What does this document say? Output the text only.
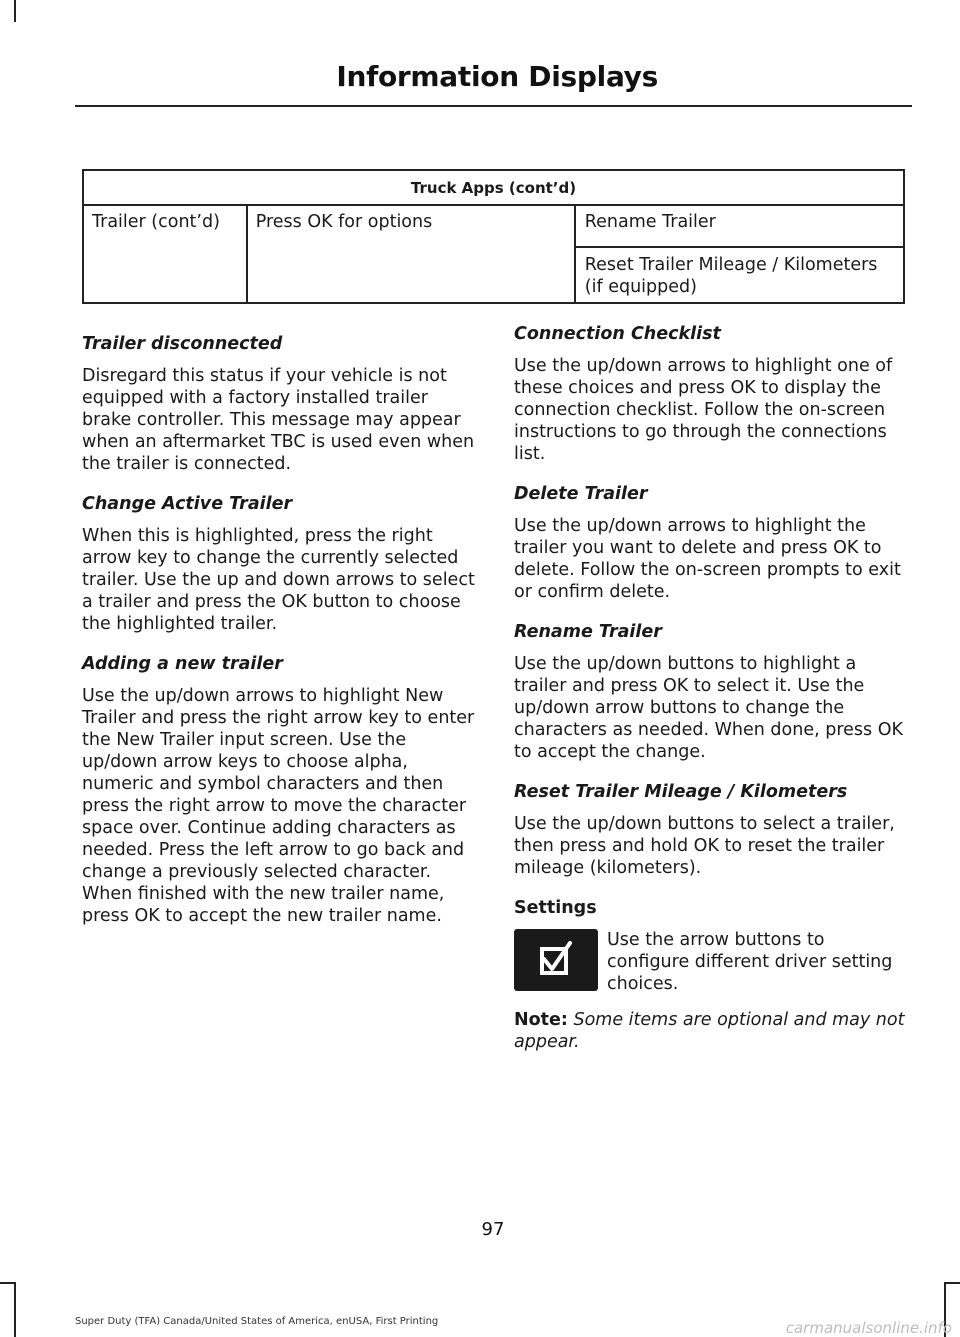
Information Displays
Truck Apps (cont’d)		
Trailer (cont’d)	Press OK for options	Rename Trailer
		Reset Trailer Mileage / Kilometers (if equipped)
Trailer disconnected

Disregard this status if your vehicle is not equipped with a factory installed trailer brake controller. This message may appear when an aftermarket TBC is used even when the trailer is connected.

Change Active Trailer

When this is highlighted, press the right arrow key to change the currently selected trailer. Use the up and down arrows to select a trailer and press the OK button to choose the highlighted trailer.

Adding a new trailer

Use the up/down arrows to highlight New Trailer and press the right arrow key to enter the New Trailer input screen. Use the up/down arrow keys to choose alpha, numeric and symbol characters and then press the right arrow to move the character space over. Continue adding characters as needed. Press the left arrow to go back and change a previously selected character. When finished with the new trailer name, press OK to accept the new trailer name.

Connection Checklist

Use the up/down arrows to highlight one of these choices and press OK to display the connection checklist. Follow the on-screen instructions to go through the connections list.

Delete Trailer

Use the up/down arrows to highlight the trailer you want to delete and press OK to delete. Follow the on-screen prompts to exit or confirm delete.

Rename Trailer

Use the up/down buttons to highlight a trailer and press OK to select it. Use the up/down arrow buttons to change the characters as needed. When done, press OK to accept the change.

Reset Trailer Mileage / Kilometers

Use the up/down buttons to select a trailer, then press and hold OK to reset the trailer mileage (kilometers).

Settings
Use the arrow buttons to configure different driver setting choices.

Note: Some items are optional and may not appear.

97
Super Duty (TFA) Canada/United States of America, enUSA, First Printing	carmanualsonline.info
